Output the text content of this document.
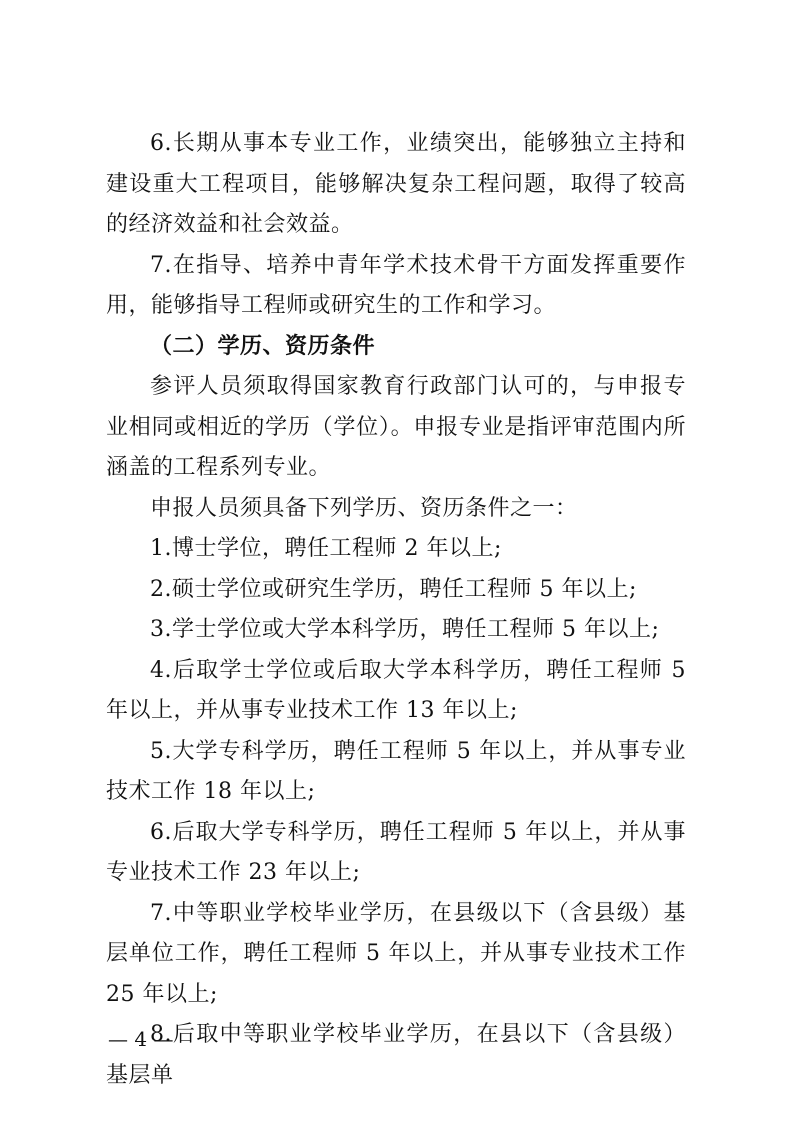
6.长期从事本专业工作，业绩突出，能够独立主持和建设重大工程项目，能够解决复杂工程问题，取得了较高的经济效益和社会效益。

7.在指导、培养中青年学术技术骨干方面发挥重要作用，能够指导工程师或研究生的工作和学习。

（二）学历、资历条件

参评人员须取得国家教育行政部门认可的，与申报专业相同或相近的学历（学位）。申报专业是指评审范围内所涵盖的工程系列专业。

申报人员须具备下列学历、资历条件之一：

1.博士学位，聘任工程师 2 年以上;

2.硕士学位或研究生学历，聘任工程师 5 年以上;

3.学士学位或大学本科学历，聘任工程师 5 年以上;

4.后取学士学位或后取大学本科学历，聘任工程师 5 年以上，并从事专业技术工作 13 年以上;

5.大学专科学历，聘任工程师 5 年以上，并从事专业技术工作 18 年以上;

6.后取大学专科学历，聘任工程师 5 年以上，并从事专业技术工作 23 年以上;

7.中等职业学校毕业学历，在县级以下（含县级）基层单位工作，聘任工程师 5 年以上，并从事专业技术工作 25 年以上;

8.后取中等职业学校毕业学历，在县以下（含县级）基层单

— 4 —
